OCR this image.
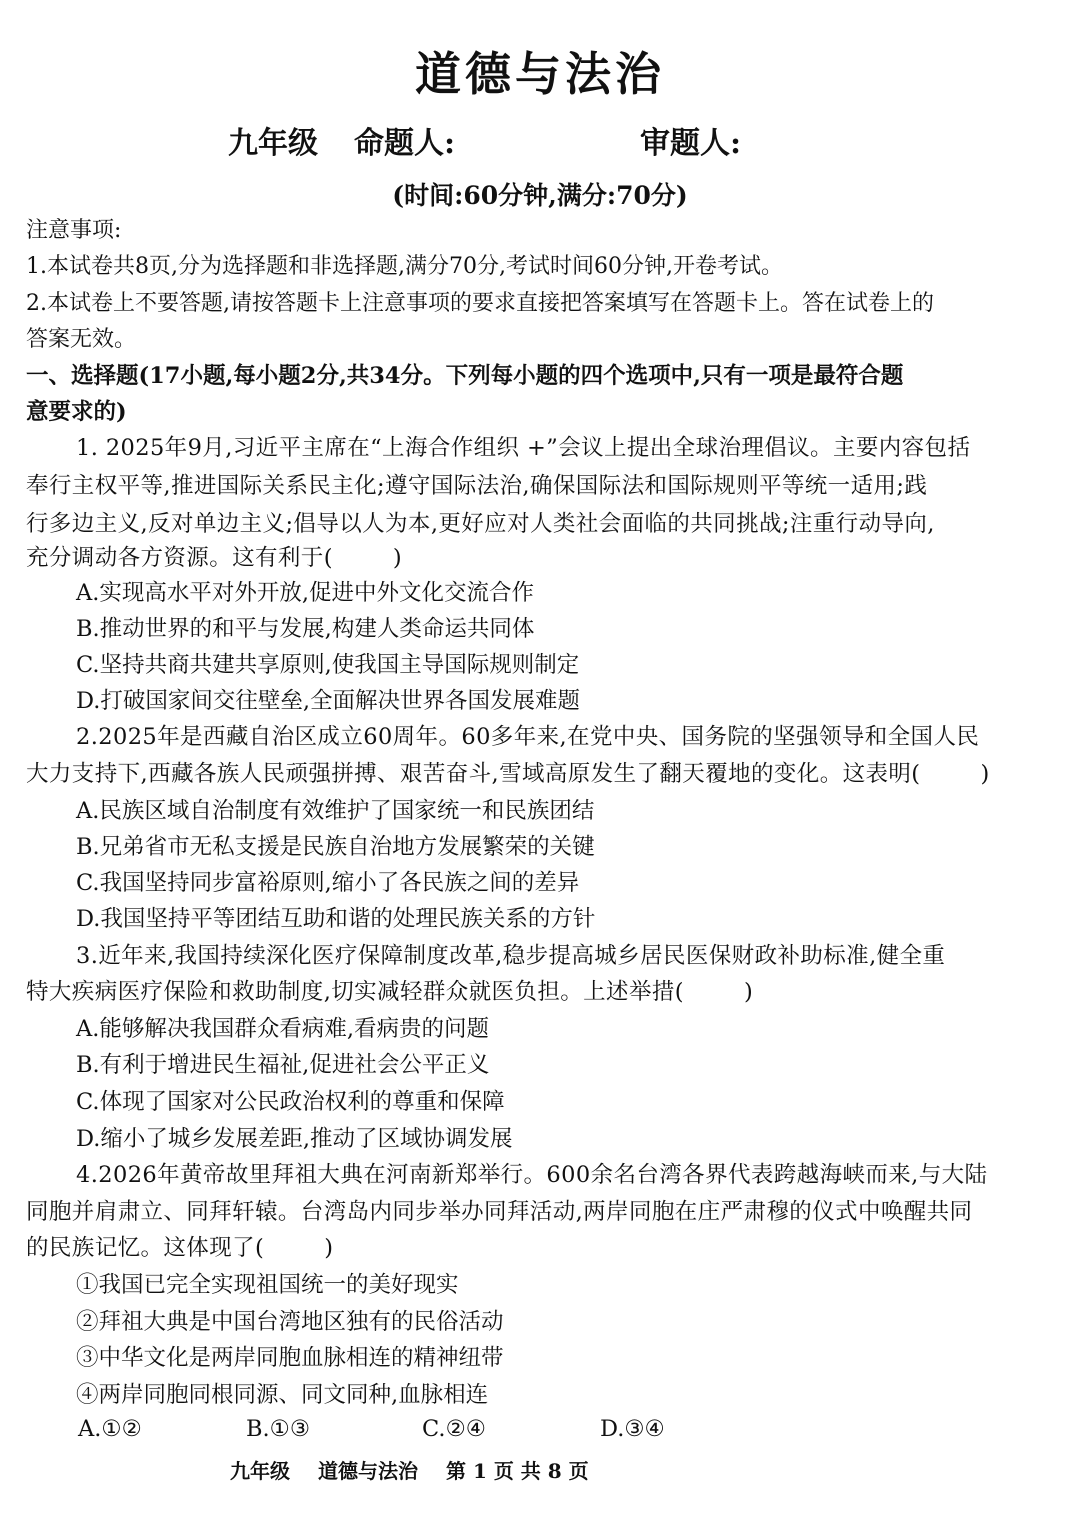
道德与法治
九年级 命题人:	审题人:
(时间:60分钟,满分:70分)
注意事项:
1.本试卷共8页,分为选择题和非选择题,满分70分,考试时间60分钟,开卷考试。
2.本试卷上不要答题,请按答题卡上注意事项的要求直接把答案填写在答题卡上。答在试卷上的
答案无效。
一、选择题(17小题,每小题2分,共34分。下列每小题的四个选项中,只有一项是最符合题
意要求的)
1. 2025年9月,习近平主席在“上海合作组织 +”会议上提出全球治理倡议。主要内容包括
奉行主权平等,推进国际关系民主化;遵守国际法治,确保国际法和国际规则平等统一适用;践
行多边主义,反对单边主义;倡导以人为本,更好应对人类社会面临的共同挑战;注重行动导向,
充分调动各方资源。这有利于(	)
A.实现高水平对外开放,促进中外文化交流合作
B.推动世界的和平与发展,构建人类命运共同体
C.坚持共商共建共享原则,使我国主导国际规则制定
D.打破国家间交往壁垒,全面解决世界各国发展难题
2.2025年是西藏自治区成立60周年。60多年来,在党中央、国务院的坚强领导和全国人民
大力支持下,西藏各族人民顽强拼搏、艰苦奋斗,雪域高原发生了翻天覆地的变化。这表明(	)
A.民族区域自治制度有效维护了国家统一和民族团结
B.兄弟省市无私支援是民族自治地方发展繁荣的关键
C.我国坚持同步富裕原则,缩小了各民族之间的差异
D.我国坚持平等团结互助和谐的处理民族关系的方针
3.近年来,我国持续深化医疗保障制度改革,稳步提高城乡居民医保财政补助标准,健全重
特大疾病医疗保险和救助制度,切实减轻群众就医负担。上述举措(	)
A.能够解决我国群众看病难,看病贵的问题
B.有利于增进民生福祉,促进社会公平正义
C.体现了国家对公民政治权利的尊重和保障
D.缩小了城乡发展差距,推动了区域协调发展
4.2026年黄帝故里拜祖大典在河南新郑举行。600余名台湾各界代表跨越海峡而来,与大陆
同胞并肩肃立、同拜轩辕。台湾岛内同步举办同拜活动,两岸同胞在庄严肃穆的仪式中唤醒共同
的民族记忆。这体现了(	)
①我国已完全实现祖国统一的美好现实
②拜祖大典是中国台湾地区独有的民俗活动
③中华文化是两岸同胞血脉相连的精神纽带
④两岸同胞同根同源、同文同种,血脉相连
A.①②	B.①③	C.②④	D.③④
九年级 道德与法治 第 1 页 共 8 页
